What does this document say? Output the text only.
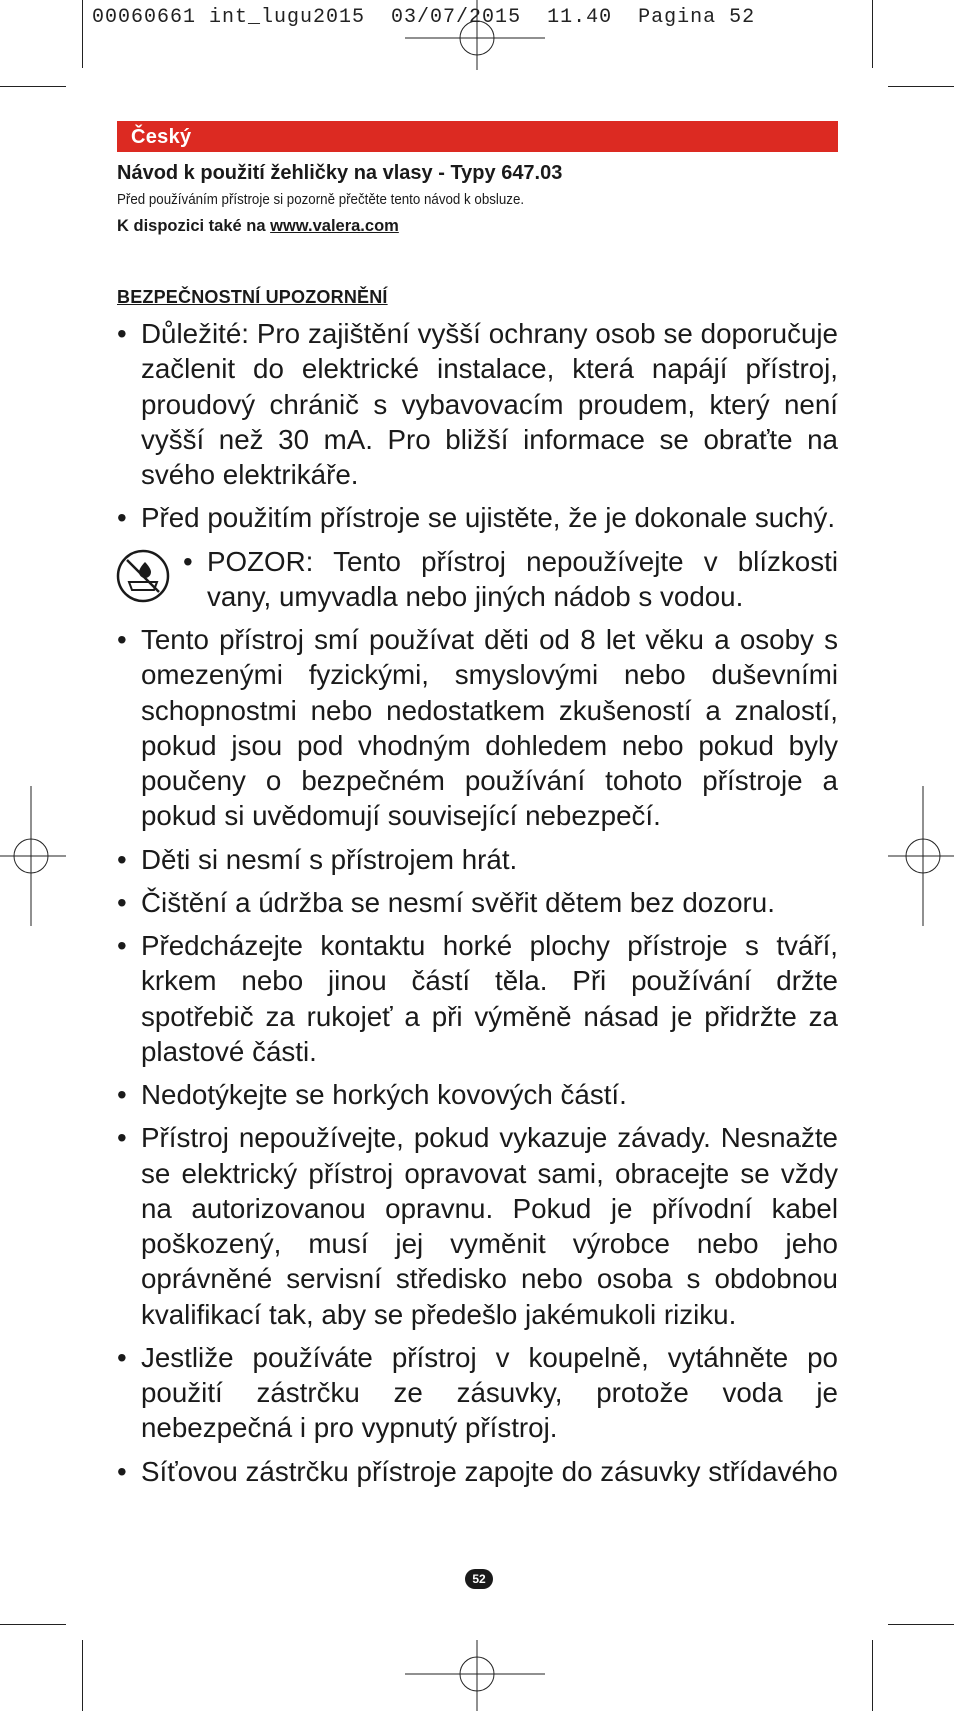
00060661 int_lugu2015  03/07/2015  11.40  Pagina 52
Český
Návod k použití žehličky na vlasy - Typy 647.03
Před používáním přístroje si pozorně přečtěte tento návod k obsluze.
K dispozici také na www.valera.com
BEZPEČNOSTNÍ UPOZORNĚNÍ
• Důležité: Pro zajištění vyšší ochrany osob se doporučuje začlenit do elektrické instalace, která napájí přístroj, proudový chránič s vybavovacím proudem, který není vyšší než 30 mA. Pro bližší informace se obraťte na svého elektrikáře.
• Před použitím přístroje se ujistěte, že je dokonale suchý.
• POZOR: Tento přístroj nepoužívejte v blízkosti vany, umyvadla nebo jiných nádob s vodou.
• Tento přístroj smí používat děti od 8 let věku a osoby s omezenými fyzickými, smyslovými nebo duševními schopnostmi nebo nedostatkem zkušeností a znalostí, pokud jsou pod vhodným dohledem nebo pokud byly poučeny o bezpečném používání tohoto přístroje a pokud si uvědomují související nebezpečí.
• Děti si nesmí s přístrojem hrát.
• Čištění a údržba se nesmí svěřit dětem bez dozoru.
• Předcházejte kontaktu horké plochy přístroje s tváří, krkem nebo jinou částí těla. Při používání držte spotřebič za rukojeť a při výměně násad je přidržte za plastové části.
• Nedotýkejte se horkých kovových částí.
• Přístroj nepoužívejte, pokud vykazuje závady. Nesnažte se elektrický přístroj opravovat sami, obracejte se vždy na autorizovanou opravnu. Pokud je přívodní kabel poškozený, musí jej vyměnit výrobce nebo jeho oprávněné servisní středisko nebo osoba s obdobnou kvalifikací tak, aby se předešlo jakémukoli riziku.
• Jestliže používáte přístroj v koupelně, vytáhněte po použití zástrčku ze zásuvky, protože voda je nebezpečná i pro vypnutý přístroj.
• Síťovou zástrčku přístroje zapojte do zásuvky střídavého
52
